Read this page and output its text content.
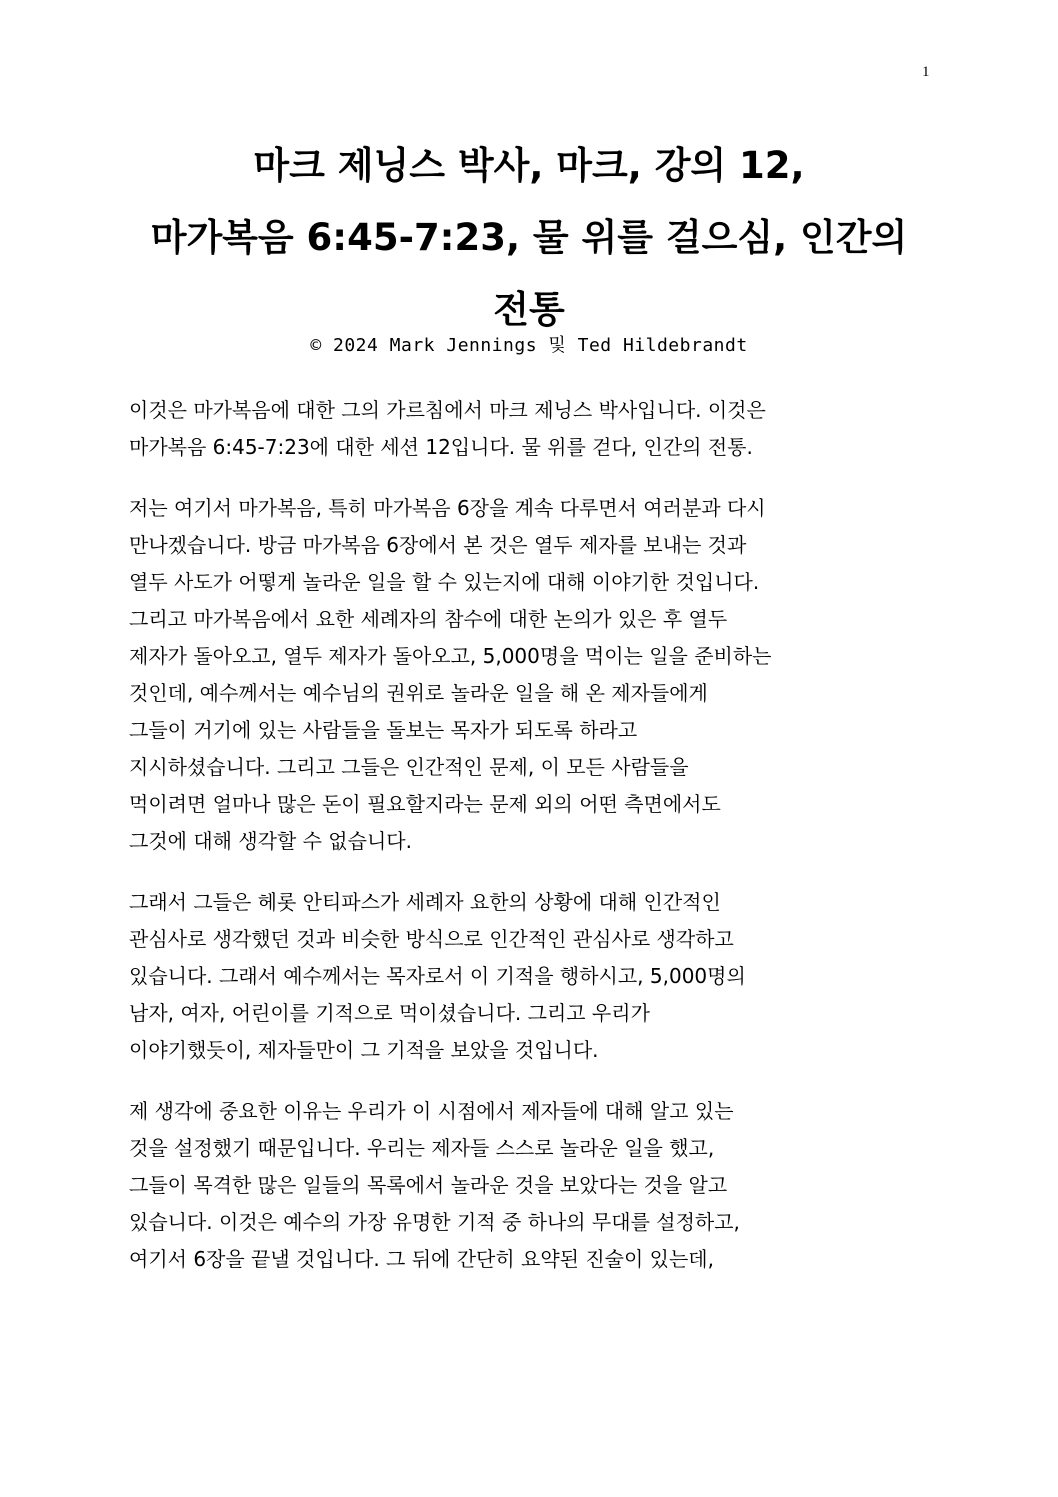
1
마크 제닝스 박사, 마크, 강의 12,
마가복음 6:45-7:23, 물 위를 걸으심, 인간의
전통
© 2024 Mark Jennings 및 Ted Hildebrandt
이것은 마가복음에 대한 그의 가르침에서 마크 제닝스 박사입니다. 이것은
마가복음 6:45-7:23에 대한 세션 12입니다. 물 위를 걷다, 인간의 전통.
저는 여기서 마가복음, 특히 마가복음 6장을 계속 다루면서 여러분과 다시
만나겠습니다. 방금 마가복음 6장에서 본 것은 열두 제자를 보내는 것과
열두 사도가 어떻게 놀라운 일을 할 수 있는지에 대해 이야기한 것입니다.
그리고 마가복음에서 요한 세례자의 참수에 대한 논의가 있은 후 열두
제자가 돌아오고, 열두 제자가 돌아오고, 5,000명을 먹이는 일을 준비하는
것인데, 예수께서는 예수님의 권위로 놀라운 일을 해 온 제자들에게
그들이 거기에 있는 사람들을 돌보는 목자가 되도록 하라고
지시하셨습니다. 그리고 그들은 인간적인 문제, 이 모든 사람들을
먹이려면 얼마나 많은 돈이 필요할지라는 문제 외의 어떤 측면에서도
그것에 대해 생각할 수 없습니다.
그래서 그들은 헤롯 안티파스가 세례자 요한의 상황에 대해 인간적인
관심사로 생각했던 것과 비슷한 방식으로 인간적인 관심사로 생각하고
있습니다. 그래서 예수께서는 목자로서 이 기적을 행하시고, 5,000명의
남자, 여자, 어린이를 기적으로 먹이셨습니다. 그리고 우리가
이야기했듯이, 제자들만이 그 기적을 보았을 것입니다.
제 생각에 중요한 이유는 우리가 이 시점에서 제자들에 대해 알고 있는
것을 설정했기 때문입니다. 우리는 제자들 스스로 놀라운 일을 했고,
그들이 목격한 많은 일들의 목록에서 놀라운 것을 보았다는 것을 알고
있습니다. 이것은 예수의 가장 유명한 기적 중 하나의 무대를 설정하고,
여기서 6장을 끝낼 것입니다. 그 뒤에 간단히 요약된 진술이 있는데,
